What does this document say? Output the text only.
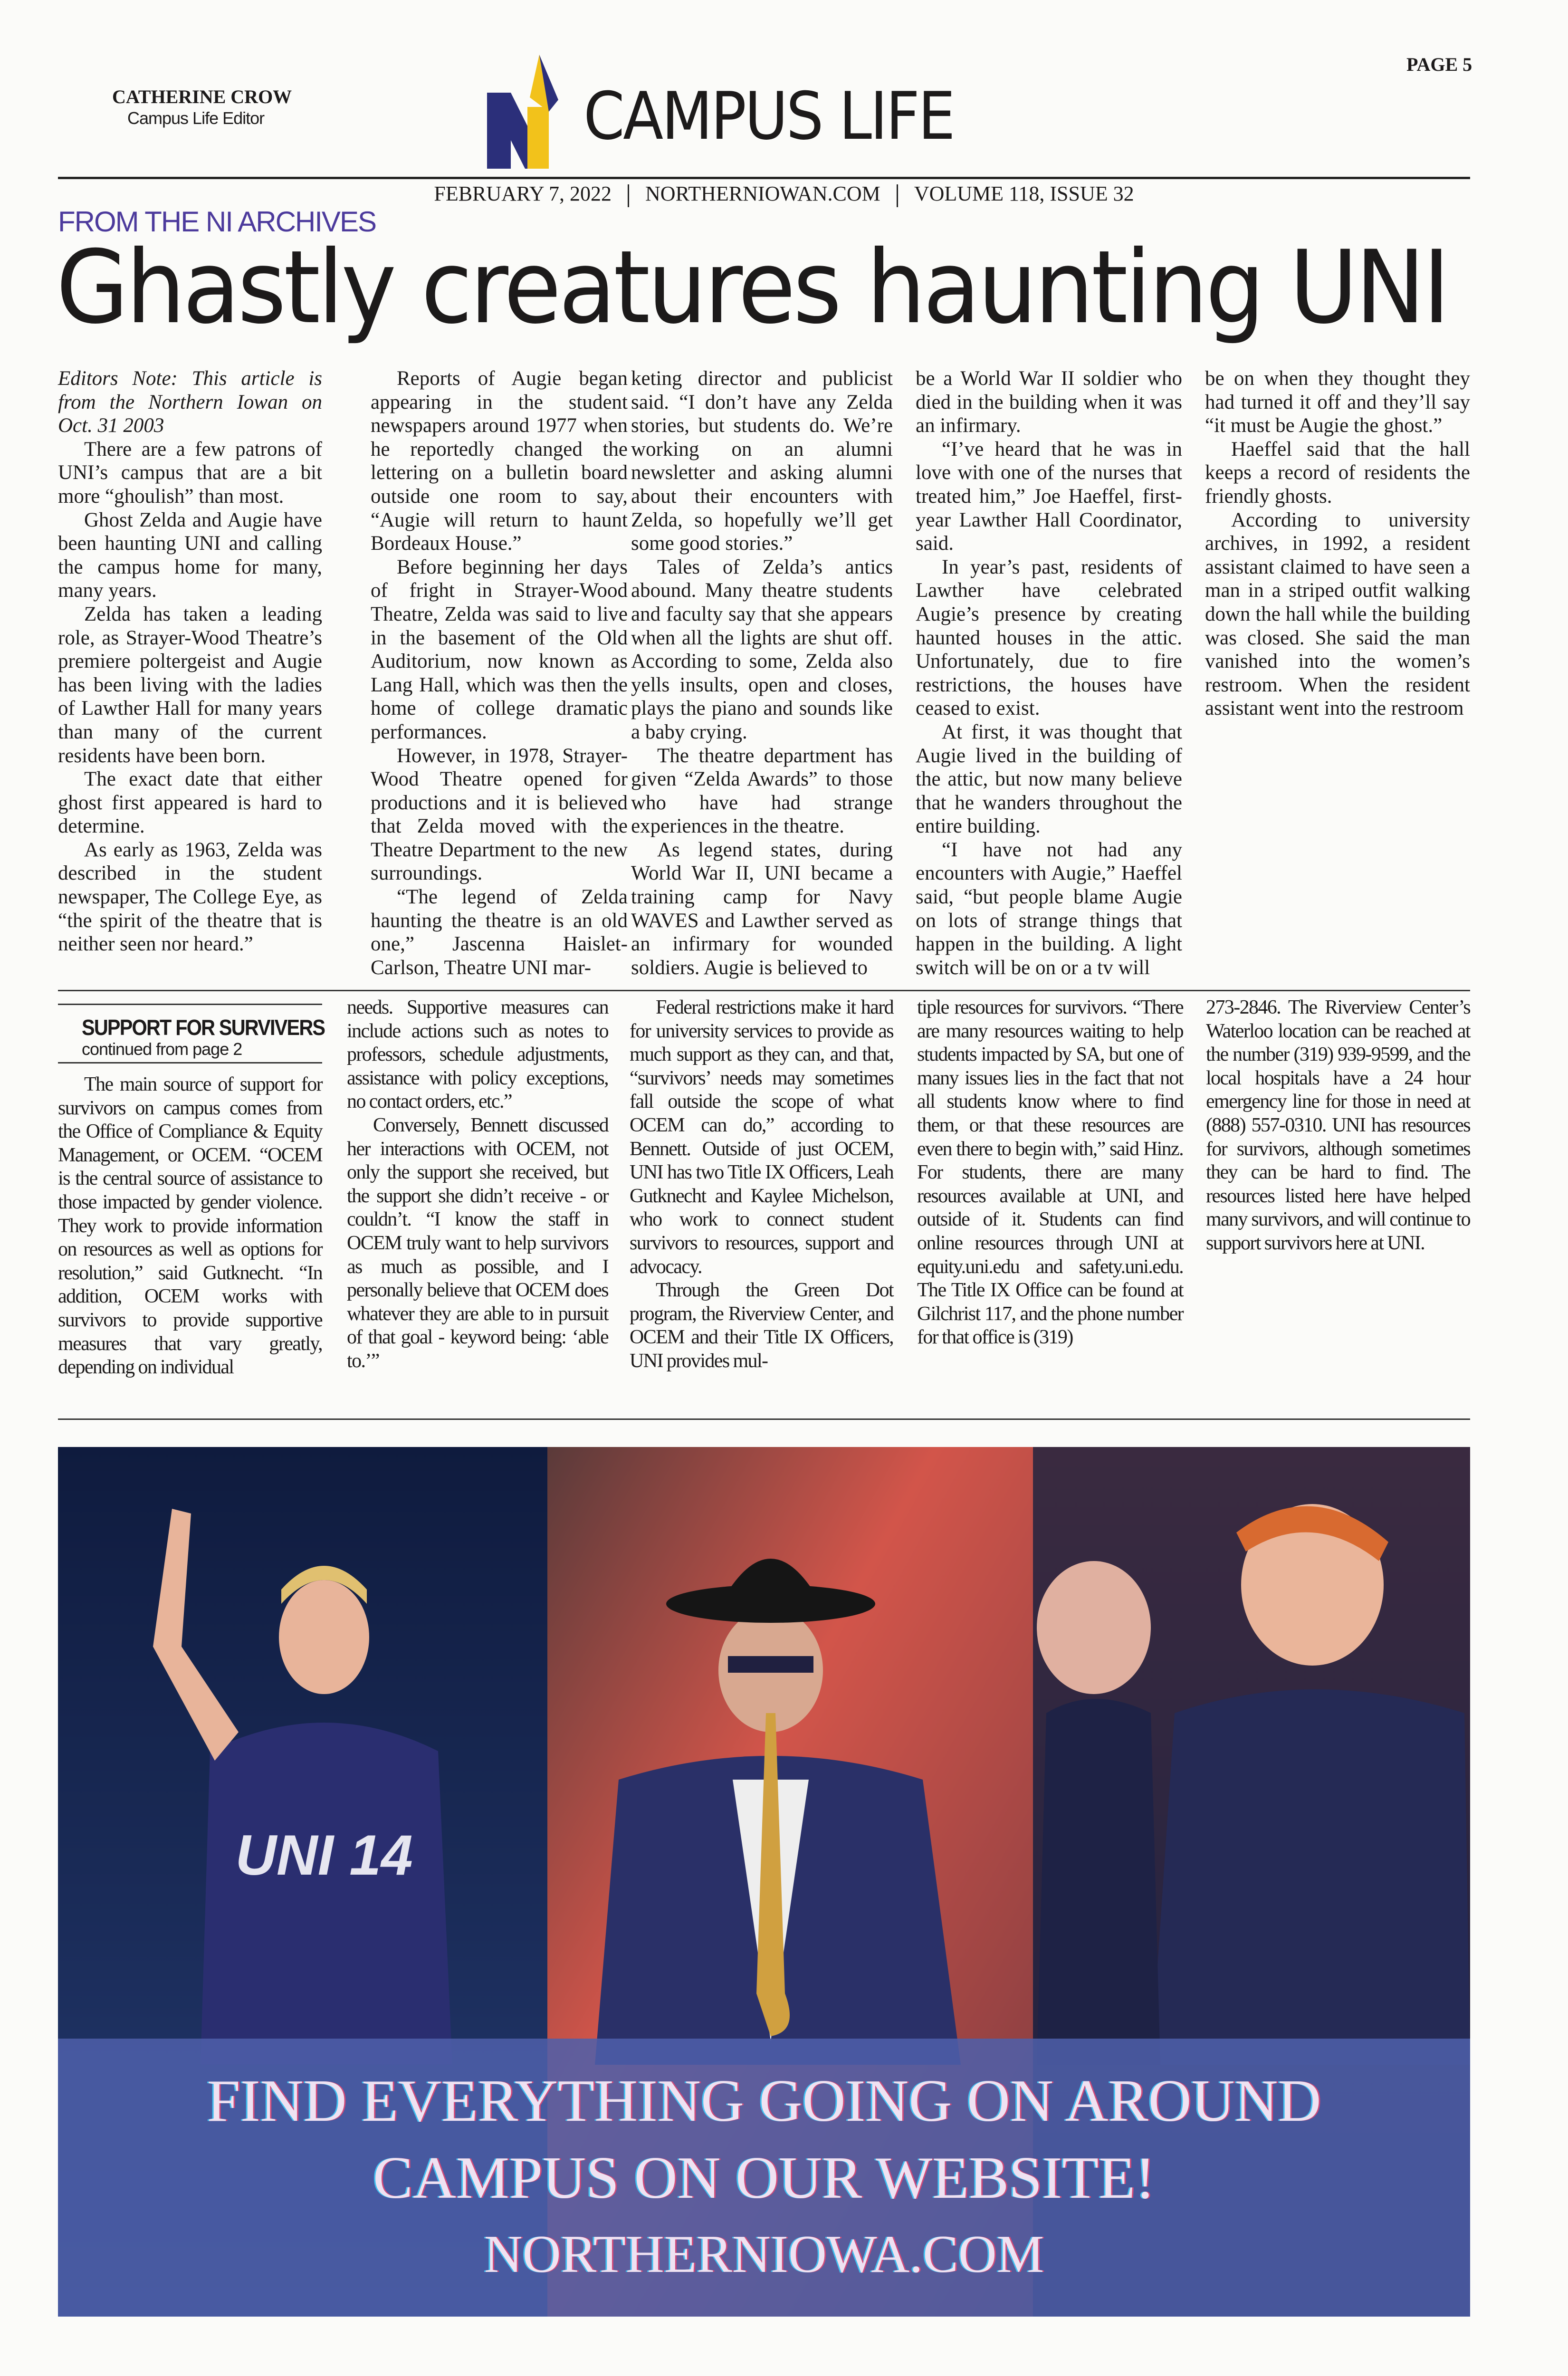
PAGE 5
CATHERINE CROW
Campus Life Editor	CAMPUS LIFE
FEBRUARY 7, 2022 NORTHERNIOWAN.COM VOLUME 118, ISSUE 32
FROM THE NI ARCHIVES
Ghastly creatures haunting UNI

Editors Note: This article is from the Northern Iowan on Oct. 31 2003

There are a few patrons of UNI’s campus that are a bit more “ghoulish” than most.

Ghost Zelda and Augie have been haunting UNI and calling the campus home for many, many years.

Zelda has taken a leading role, as Strayer-Wood Theatre’s premiere poltergeist and Augie has been living with the ladies of Lawther Hall for many years than many of the current residents have been born.

The exact date that either ghost first appeared is hard to determine.

As early as 1963, Zelda was described in the student newspaper, The College Eye, as “the spirit of the theatre that is neither seen nor heard.”

Reports of Augie began appearing in the student newspapers around 1977 when he reportedly changed the lettering on a bulletin board outside one room to say, “Augie will return to haunt Bordeaux House.”

Before beginning her days of fright in Strayer-Wood Theatre, Zelda was said to live in the basement of the Old Auditorium, now known as Lang Hall, which was then the home of college dramatic performances.

However, in 1978, Strayer-Wood Theatre opened for productions and it is believed that Zelda moved with the Theatre Department to the new surroundings.

“The legend of Zelda haunting the theatre is an old one,” Jascenna Haislet-Carlson, Theatre UNI mar-

keting director and publicist said. “I don’t have any Zelda stories, but students do. We’re working on an alumni newsletter and asking alumni about their encounters with Zelda, so hopefully we’ll get some good stories.”

Tales of Zelda’s antics abound. Many theatre students and faculty say that she appears when all the lights are shut off. According to some, Zelda also yells insults, open and closes, plays the piano and sounds like a baby crying.

The theatre department has given “Zelda Awards” to those who have had strange experiences in the theatre.

As legend states, during World War II, UNI became a training camp for Navy WAVES and Lawther served as an infirmary for wounded soldiers. Augie is believed to

be a World War II soldier who died in the building when it was an infirmary.

“I’ve heard that he was in love with one of the nurses that treated him,” Joe Haeffel, first-year Lawther Hall Coordinator, said.

In year’s past, residents of Lawther have celebrated Augie’s presence by creating haunted houses in the attic. Unfortunately, due to fire restrictions, the houses have ceased to exist.

At first, it was thought that Augie lived in the building of the attic, but now many believe that he wanders throughout the entire building.

“I have not had any encounters with Augie,” Haeffel said, “but people blame Augie on lots of strange things that happen in the building. A light switch will be on or a tv will

be on when they thought they had turned it off and they’ll say “it must be Augie the ghost.”

Haeffel said that the hall keeps a record of residents the friendly ghosts.

According to university archives, in 1992, a resident assistant claimed to have seen a man in a striped outfit walking down the hall while the building was closed. She said the man vanished into the women’s restroom. When the resident assistant went into the restroom

SUPPORT FOR SURVIVERS
continued from page 2

The main source of support for survivors on campus comes from the Office of Compliance & Equity Management, or OCEM. “OCEM is the central source of assistance to those impacted by gender violence. They work to provide information on resources as well as options for resolution,” said Gutknecht. “In addition, OCEM works with survivors to provide supportive measures that vary greatly, depending on individual

needs. Supportive measures can include actions such as notes to professors, schedule adjustments, assistance with policy exceptions, no contact orders, etc.”

Conversely, Bennett discussed her interactions with OCEM, not only the support she received, but the support she didn’t receive - or couldn’t. “I know the staff in OCEM truly want to help survivors as much as possible, and I personally believe that OCEM does whatever they are able to in pursuit of that goal - keyword being: ‘able to.’”

Federal restrictions make it hard for university services to provide as much support as they can, and that, “survivors’ needs may sometimes fall outside the scope of what OCEM can do,” according to Bennett. Outside of just OCEM, UNI has two Title IX Officers, Leah Gutknecht and Kaylee Michelson, who work to connect student survivors to resources, support and advocacy.

Through the Green Dot program, the Riverview Center, and OCEM and their Title IX Officers, UNI provides mul-

tiple resources for survivors. “There are many resources waiting to help students impacted by SA, but one of many issues lies in the fact that not all students know where to find them, or that these resources are even there to begin with,” said Hinz. For students, there are many resources available at UNI, and outside of it. Students can find online resources through UNI at equity.uni.edu and safety.uni.edu. The Title IX Office can be found at Gilchrist 117, and the phone number for that office is (319)

273-2846. The Riverview Center’s Waterloo location can be reached at the number (319) 939-9599, and the local hospitals have a 24 hour emergency line for those in need at (888) 557-0310. UNI has resources for survivors, although sometimes they can be hard to find. The resources listed here have helped many survivors, and will continue to support survivors here at UNI.

UNI 14
FIND EVERYTHING GOING ON AROUND
CAMPUS ON OUR WEBSITE!
NORTHERNIOWA.COM
